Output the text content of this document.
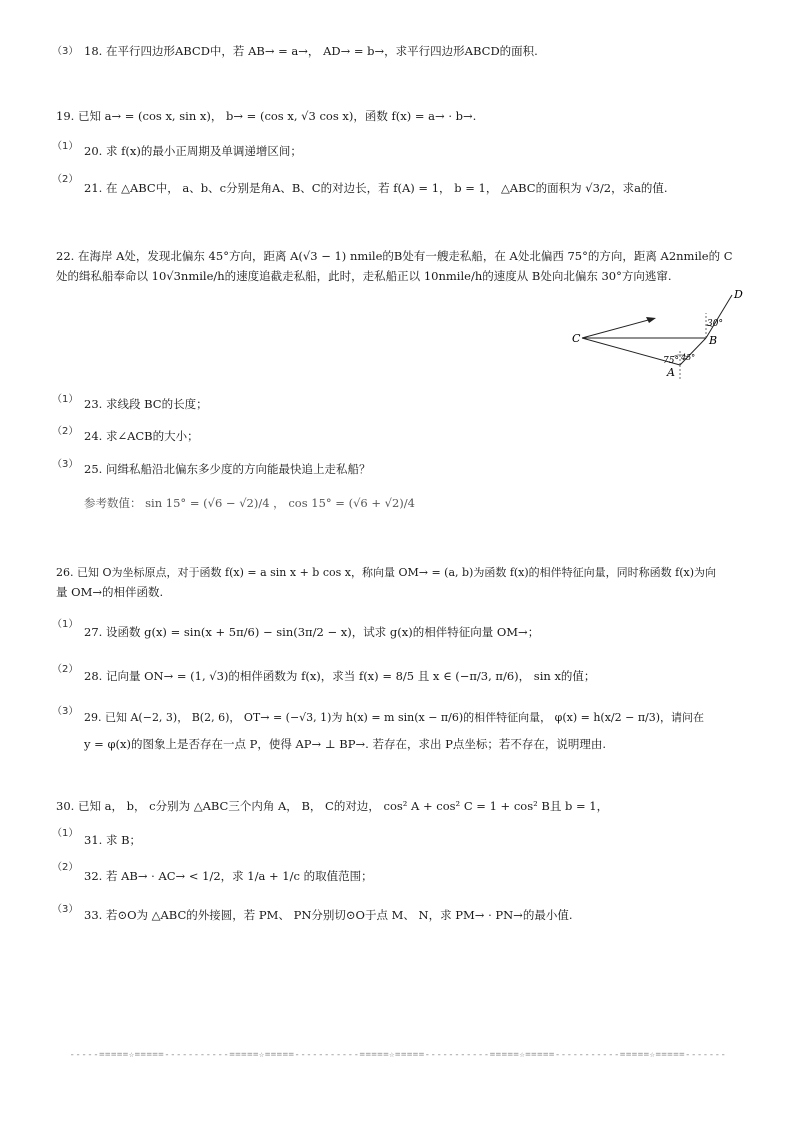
（3） 18. 在平行四边形ABCD中，若 AB→ = a→， AD→ = b→，求平行四边形ABCD的面积.
19. 已知 a→ = (cos x, sin x)， b→ = (cos x, √3 cos x)，函数 f(x) = a→ · b→.
（1） 20. 求 f(x)的最小正周期及单调递增区间；
（2）
21. 在 △ABC中， a、b、c分别是角A、B、C的对边长，若 f(A) = 1， b = 1， △ABC的面积为 √3/2，求a的值.
22. 在海岸 A处，发现北偏东 45°方向，距离 A(√3 − 1) nmile的B处有一艘走私船，在 A处北偏西 75°的方向，距离 A2nmile的 C
处的缉私船奉命以 10√3nmile/h的速度追截走私船，此时，走私船正以 10nmile/h的速度从 B处向北偏东 30°方向逃窜.
C	B
A
D
30°
75° 45°
（1） 23. 求线段 BC的长度；
（2） 24. 求∠ACB的大小；
（3） 25. 问缉私船沿北偏东多少度的方向能最快追上走私船？
参考数值： sin 15° = (√6 − √2)/4 ， cos 15° = (√6 + √2)/4
26. 已知 O为坐标原点，对于函数 f(x) = a sin x + b cos x，称向量 OM→ = (a, b)为函数 f(x)的相伴特征向量，同时称函数 f(x)为向
量 OM→的相伴函数.
（1）
27. 设函数 g(x) = sin(x + 5π/6) − sin(3π/2 − x)，试求 g(x)的相伴特征向量 OM→；
（2） 28. 记向量 ON→ = (1, √3)的相伴函数为 f(x)，求当 f(x) = 8/5 且 x ∈ (−π/3, π/6)， sin x的值；
（3） 29. 已知 A(−2, 3)， B(2, 6)， OT→ = (−√3, 1)为 h(x) = m sin(x − π/6)的相伴特征向量， φ(x) = h(x/2 − π/3)，请问在
y = φ(x)的图象上是否存在一点 P，使得 AP→ ⊥ BP→. 若存在，求出 P点坐标；若不存在，说明理由.
30. 已知 a， b， c分别为 △ABC三个内角 A， B， C的对边， cos² A + cos² C = 1 + cos² B且 b = 1，
（1） 31. 求 B；
（2）
32. 若 AB→ · AC→ < 1/2，求 1/a + 1/c 的取值范围；
（3） 33. 若⊙O为 △ABC的外接圆，若 PM、 PN分别切⊙O于点 M、 N，求 PM→ · PN→的最小值.
-----=====☆=====-----------=====☆=====-----------=====☆=====-----------=====☆=====-----------=====☆=====-------
